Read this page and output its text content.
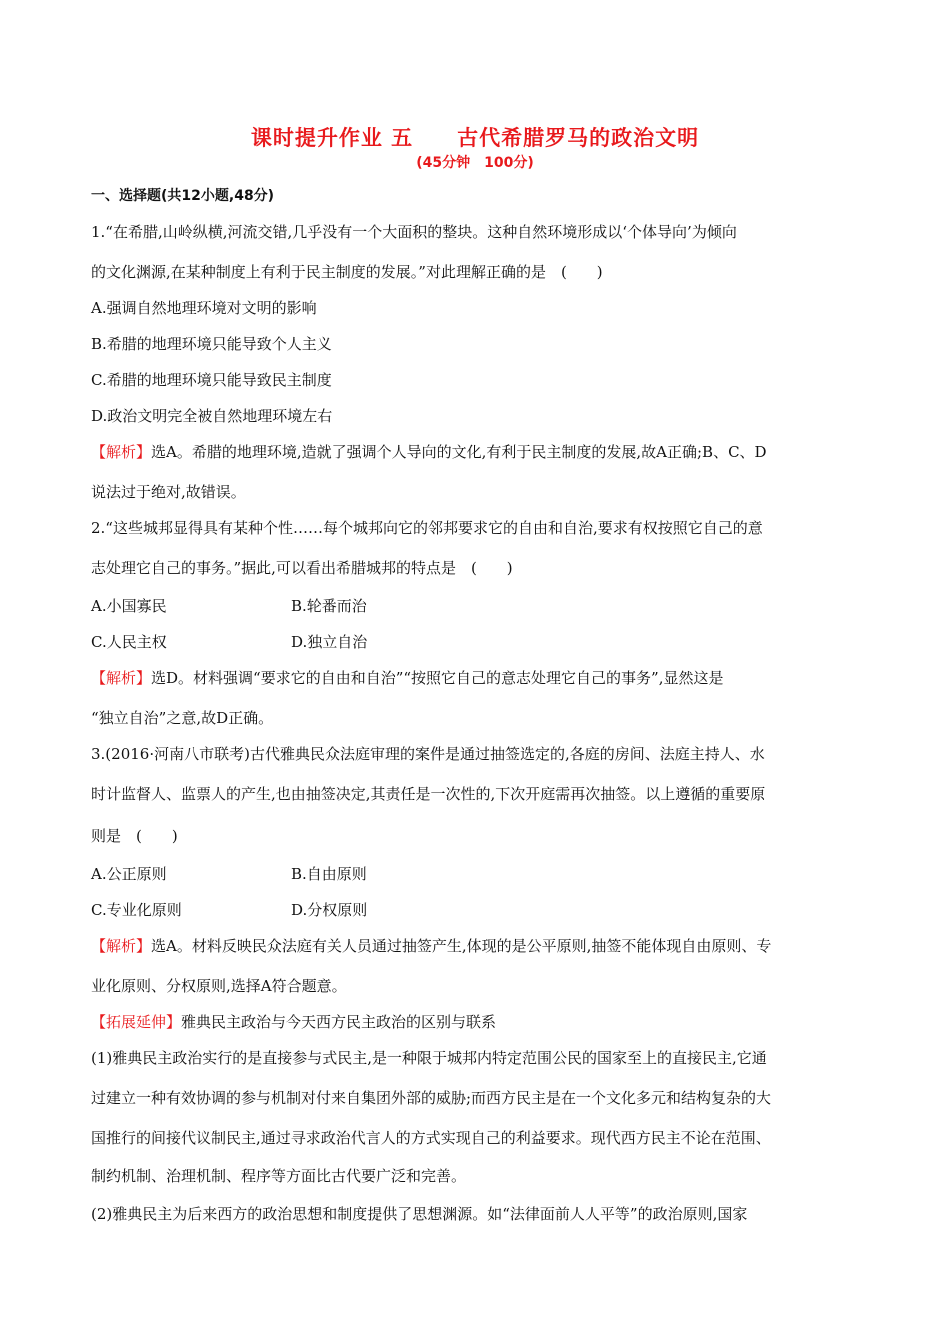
课时提升作业 五　　古代希腊罗马的政治文明
(45分钟　100分)
一、选择题(共12小题,48分)
1.“在希腊,山岭纵横,河流交错,几乎没有一个大面积的整块。这种自然环境形成以‘个体导向’为倾向
的文化渊源,在某种制度上有利于民主制度的发展。”对此理解正确的是　(　　)
A.强调自然地理环境对文明的影响
B.希腊的地理环境只能导致个人主义
C.希腊的地理环境只能导致民主制度
D.政治文明完全被自然地理环境左右
【解析】选A。希腊的地理环境,造就了强调个人导向的文化,有利于民主制度的发展,故A正确;B、C、D
说法过于绝对,故错误。
2.“这些城邦显得具有某种个性……每个城邦向它的邻邦要求它的自由和自治,要求有权按照它自己的意
志处理它自己的事务。”据此,可以看出希腊城邦的特点是　(　　)
A.小国寡民	B.轮番而治
C.人民主权	D.独立自治
【解析】选D。材料强调“要求它的自由和自治”“按照它自己的意志处理它自己的事务”,显然这是
“独立自治”之意,故D正确。
3.(2016·河南八市联考)古代雅典民众法庭审理的案件是通过抽签选定的,各庭的房间、法庭主持人、水
时计监督人、监票人的产生,也由抽签决定,其责任是一次性的,下次开庭需再次抽签。以上遵循的重要原
则是　(　　)
A.公正原则	B.自由原则
C.专业化原则	D.分权原则
【解析】选A。材料反映民众法庭有关人员通过抽签产生,体现的是公平原则,抽签不能体现自由原则、专
业化原则、分权原则,选择A符合题意。
【拓展延伸】雅典民主政治与今天西方民主政治的区别与联系
(1)雅典民主政治实行的是直接参与式民主,是一种限于城邦内特定范围公民的国家至上的直接民主,它通
过建立一种有效协调的参与机制对付来自集团外部的威胁;而西方民主是在一个文化多元和结构复杂的大
国推行的间接代议制民主,通过寻求政治代言人的方式实现自己的利益要求。现代西方民主不论在范围、
制约机制、治理机制、程序等方面比古代要广泛和完善。
(2)雅典民主为后来西方的政治思想和制度提供了思想渊源。如“法律面前人人平等”的政治原则,国家
